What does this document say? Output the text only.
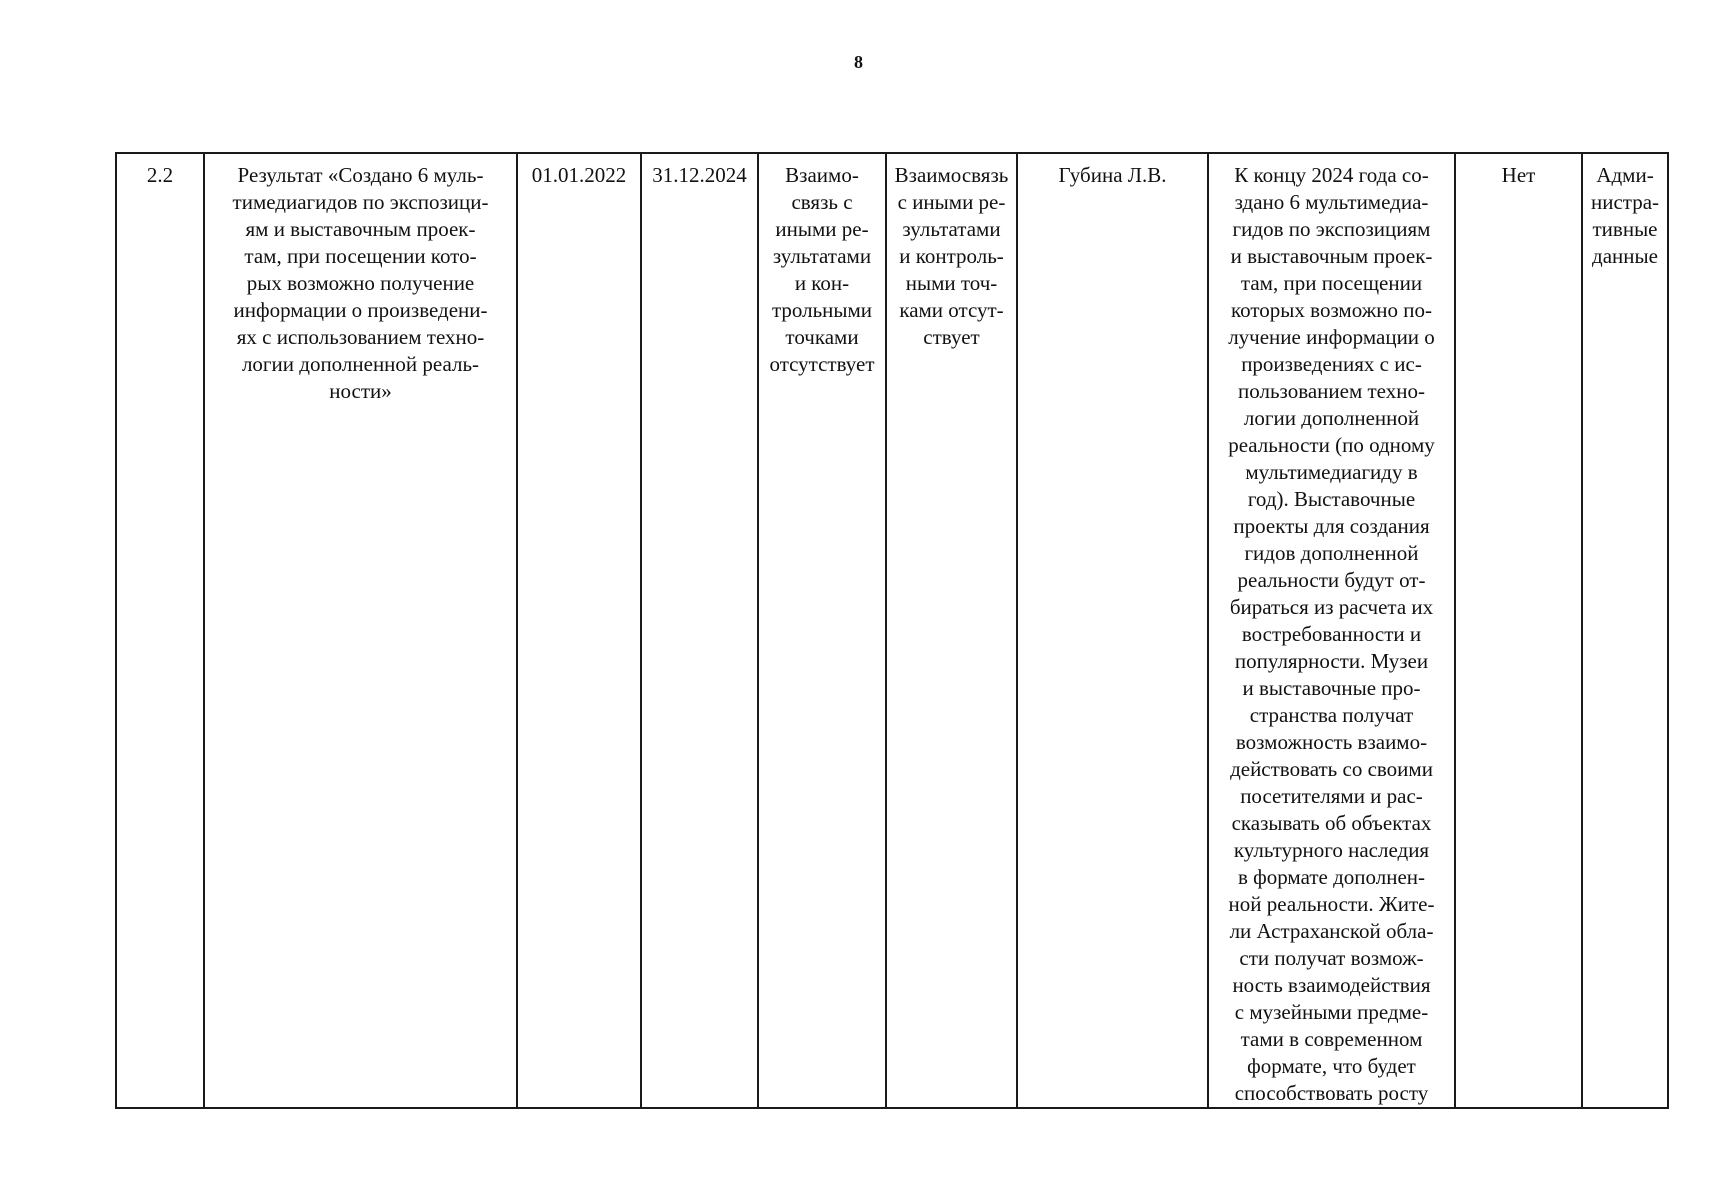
8
2.2	Результат «Создано 6 муль-
тимедиагидов по экспозици-
ям и выставочным проек-
там, при посещении кото-
рых возможно получение
информации о произведени-
ях с использованием техно-
логии дополненной реаль-
ности»	01.01.2022	31.12.2024	Взаимо-
связь с
иными ре-
зультатами
и кон-
трольными
точками
отсутствует	Взаимосвязь
с иными ре-
зультатами
и контроль-
ными точ-
ками отсут-
ствует	Губина Л.В.	К концу 2024 года со-
здано 6 мультимедиа-
гидов по экспозициям
и выставочным проек-
там, при посещении
которых возможно по-
лучение информации о
произведениях с ис-
пользованием техно-
логии дополненной
реальности (по одному
мультимедиагиду в
год). Выставочные
проекты для создания
гидов дополненной
реальности будут от-
бираться из расчета их
востребованности и
популярности. Музеи
и выставочные про-
странства получат
возможность взаимо-
действовать со своими
посетителями и рас-
сказывать об объектах
культурного наследия
в формате дополнен-
ной реальности. Жите-
ли Астраханской обла-
сти получат возмож-
ность взаимодействия
с музейными предме-
тами в современном
формате, что будет
способствовать росту	Нет	Адми-
нистра-
тивные
данные
